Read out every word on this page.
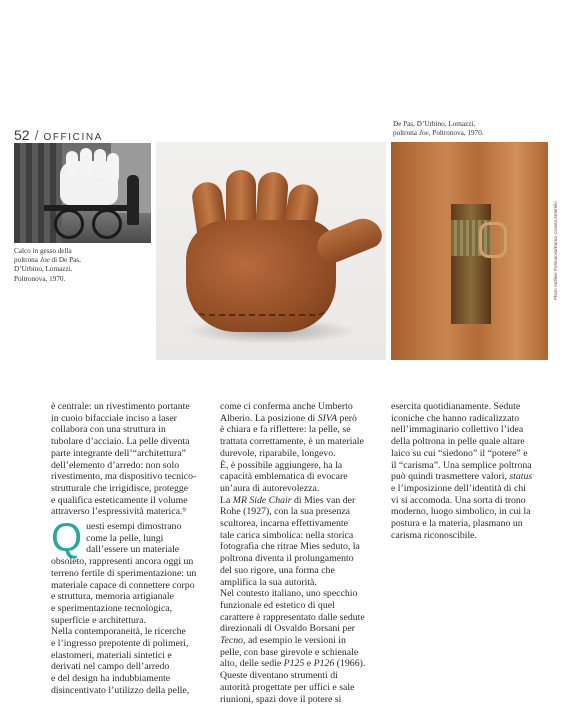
52 / OFFICINA
Calco in gesso della
poltrona Joe di De Pas,
D’Urbino, Lomazzi.
Poltronova, 1970.
De Pas, D’Urbino, Lomazzi,
poltrona Joe, Poltronova, 1970.
Photo Archive Poltronova/Enrico Consta Amerello

è centrale: un rivestimento portante

in cuoio bifacciale inciso a laser

collabora con una struttura in

tubolare d’acciaio. La pelle diventa

parte integrante dell’“architettura”

dell’elemento d’arredo: non solo

rivestimento, ma dispositivo tecnico-

strutturale che irrigidisce, protegge

e qualifica esteticamente il volume

attraverso l’espressività materica.⁹

Q uesti esempi dimostrano

come la pelle, lungi

dall’essere un materiale

obsoleto, rappresenti ancora oggi un

terreno fertile di sperimentazione: un

materiale capace di connettere corpo

e struttura, memoria artigianale

e sperimentazione tecnologica,

superficie e architettura.

Nella contemporaneità, le ricerche

e l’ingresso prepotente di polimeri,

elastomeri, materiali sintetici e

derivati nel campo dell’arredo

e del design ha indubbiamente

disincentivato l’utilizzo della pelle,

come ci conferma anche Umberto

Alberio. La posizione di SIVA però

è chiara e fa riflettere: la pelle, se

trattata correttamente, è un materiale

durevole, riparabile, longevo.

È, è possibile aggiungere, ha la

capacità emblematica di evocare

un’aura di autorevolezza.

La MR Side Chair di Mies van der

Rohe (1927), con la sua presenza

scultorea, incarna effettivamente

tale carica simbolica: nella storica

fotografia che ritrae Mies seduto, la

poltrona diventa il prolungamento

del suo rigore, una forma che

amplifica la sua autorità.

Nel contesto italiano, uno specchio

funzionale ed estetico di quel

carattere è rappresentato dalle sedute

direzionali di Osvaldo Borsani per

Tecno, ad esempio le versioni in

pelle, con base girevole e schienale

alto, delle sedie P125 e P126 (1966).

Queste diventano strumenti di

autorità progettate per uffici e sale

riunioni, spazi dove il potere si

esercita quotidianamente. Sedute

iconiche che hanno radicalizzato

nell’immaginario collettivo l’idea

della poltrona in pelle quale altare

laico su cui “siedono” il “potere” e

il “carisma”. Una semplice poltrona

può quindi trasmettere valori, status

e l’imposizione dell’identità di chi

vi si accomoda. Una sorta di trono

moderno, luogo simbolico, in cui la

postura e la materia, plasmano un

carisma riconoscibile.
